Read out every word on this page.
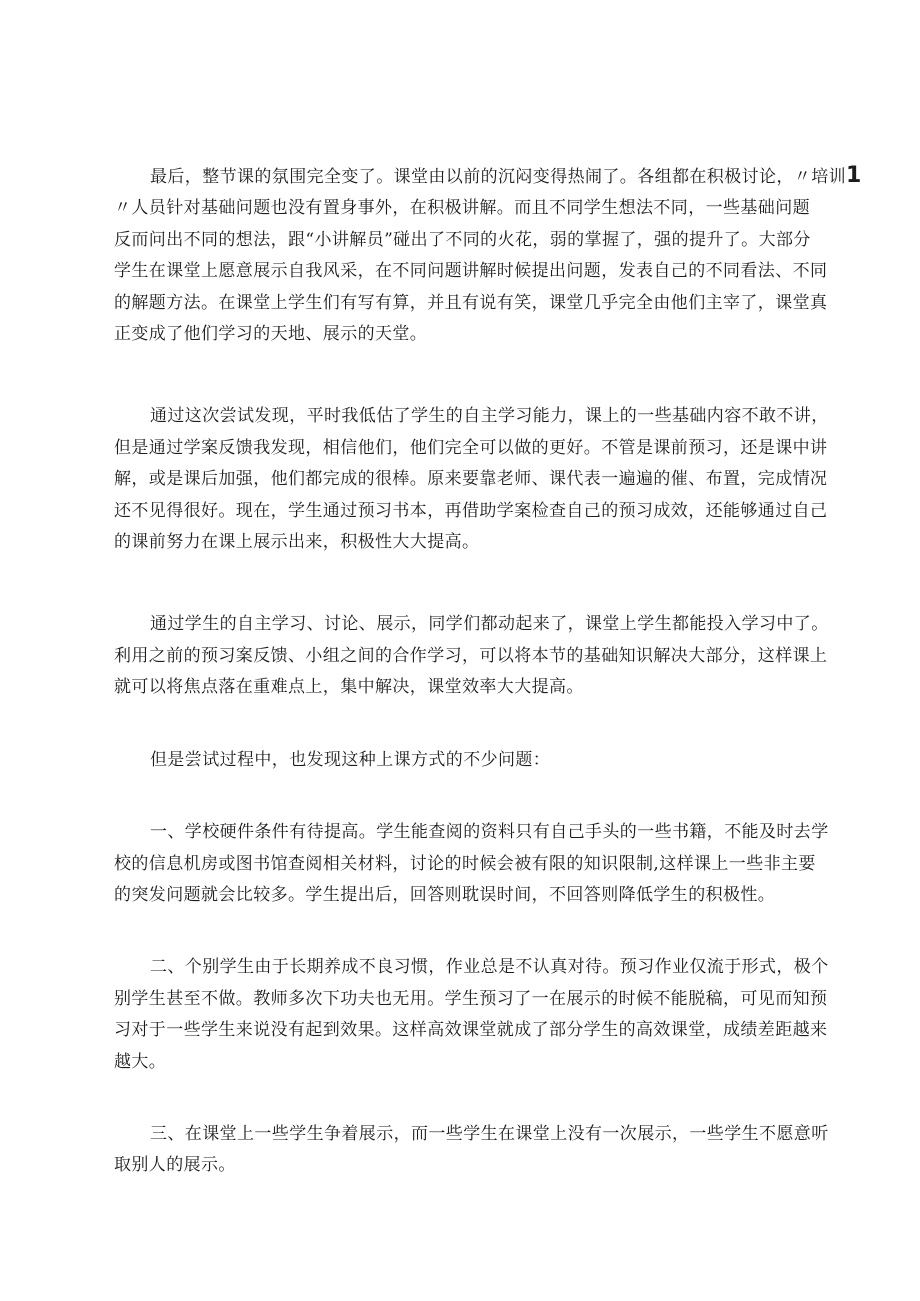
最后，整节课的氛围完全变了。课堂由以前的沉闷变得热闹了。各组都在积极讨论，〃培训1
〃人员针对基础问题也没有置身事外，在积极讲解。而且不同学生想法不同，一些基础问题
反而问出不同的想法，跟“小讲解员”碰出了不同的火花，弱的掌握了，强的提升了。大部分
学生在课堂上愿意展示自我风采，在不同问题讲解时候提出问题，发表自己的不同看法、不同
的解题方法。在课堂上学生们有写有算，并且有说有笑，课堂几乎完全由他们主宰了，课堂真
正变成了他们学习的天地、展示的天堂。

通过这次尝试发现，平时我低估了学生的自主学习能力，课上的一些基础内容不敢不讲，
但是通过学案反馈我发现，相信他们，他们完全可以做的更好。不管是课前预习，还是课中讲
解，或是课后加强，他们都完成的很棒。原来要靠老师、课代表一遍遍的催、布置，完成情况
还不见得很好。现在，学生通过预习书本，再借助学案检查自己的预习成效，还能够通过自己
的课前努力在课上展示出来，积极性大大提高。

通过学生的自主学习、讨论、展示，同学们都动起来了，课堂上学生都能投入学习中了。
利用之前的预习案反馈、小组之间的合作学习，可以将本节的基础知识解决大部分，这样课上
就可以将焦点落在重难点上，集中解决，课堂效率大大提高。

但是尝试过程中，也发现这种上课方式的不少问题：

一、学校硬件条件有待提高。学生能查阅的资料只有自己手头的一些书籍，不能及时去学
校的信息机房或图书馆查阅相关材料，讨论的时候会被有限的知识限制,这样课上一些非主要
的突发问题就会比较多。学生提出后，回答则耽误时间，不回答则降低学生的积极性。

二、个别学生由于长期养成不良习惯，作业总是不认真对待。预习作业仅流于形式，极个
别学生甚至不做。教师多次下功夫也无用。学生预习了一在展示的时候不能脱稿，可见而知预
习对于一些学生来说没有起到效果。这样高效课堂就成了部分学生的高效课堂，成绩差距越来
越大。

三、在课堂上一些学生争着展示，而一些学生在课堂上没有一次展示，一些学生不愿意听
取别人的展示。
